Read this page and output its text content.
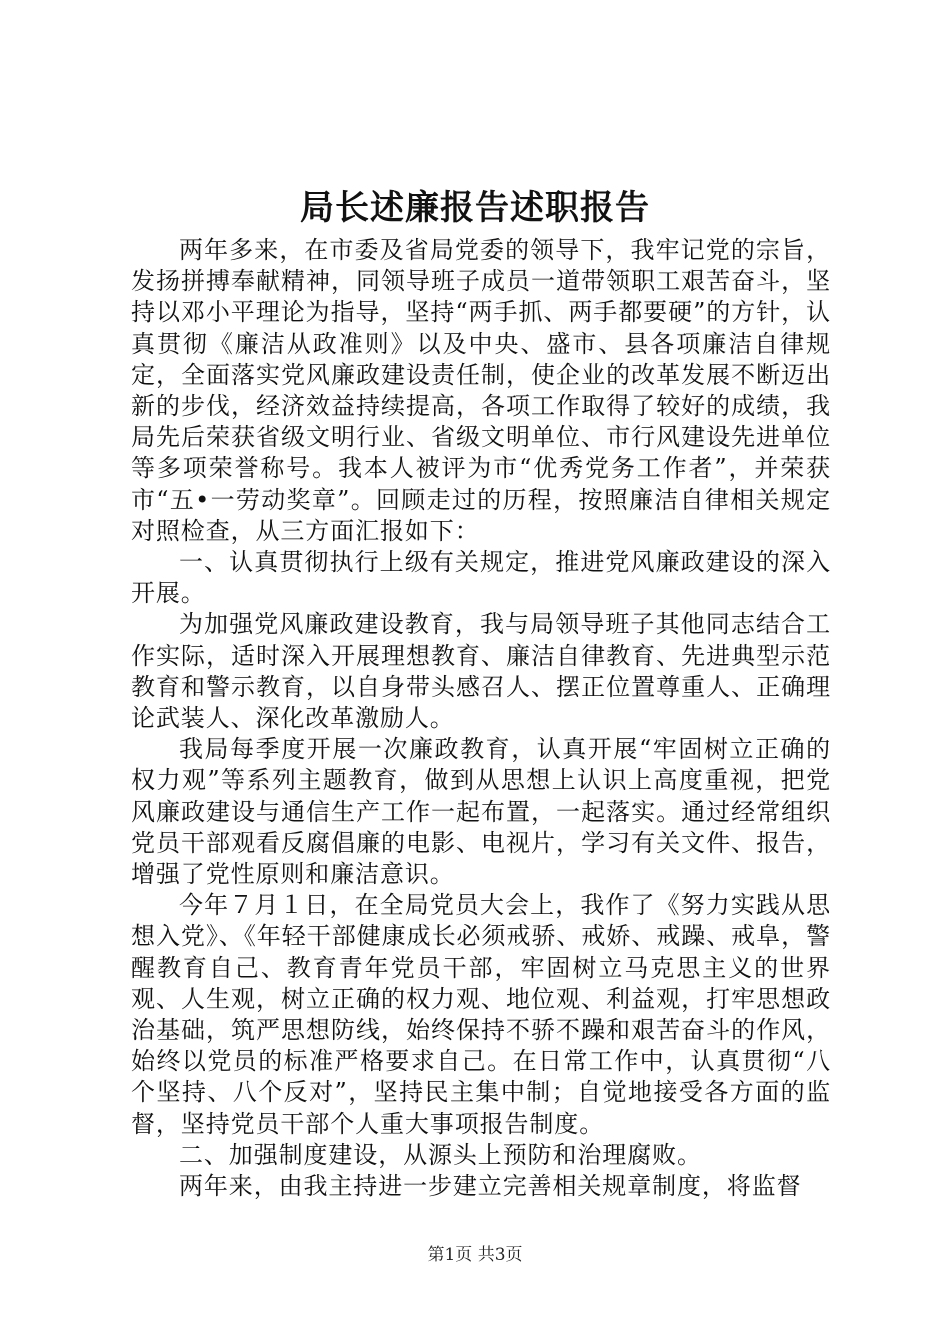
局长述廉报告述职报告

两年多来，在市委及省局党委的领导下，我牢记党的宗旨，发扬拼搏奉献精神，同领导班子成员一道带领职工艰苦奋斗，坚持以邓小平理论为指导，坚持“两手抓、两手都要硬”的方针，认真贯彻《廉洁从政准则》以及中央、盛市、县各项廉洁自律规定，全面落实党风廉政建设责任制，使企业的改革发展不断迈出新的步伐，经济效益持续提高，各项工作取得了较好的成绩，我局先后荣获省级文明行业、省级文明单位、市行风建设先进单位等多项荣誉称号。我本人被评为市“优秀党务工作者”，并荣获市“五•一劳动奖章”。回顾走过的历程，按照廉洁自律相关规定对照检查，从三方面汇报如下：

一、认真贯彻执行上级有关规定，推进党风廉政建设的深入开展。

为加强党风廉政建设教育，我与局领导班子其他同志结合工作实际，适时深入开展理想教育、廉洁自律教育、先进典型示范教育和警示教育，以自身带头感召人、摆正位置尊重人、正确理论武装人、深化改革激励人。

我局每季度开展一次廉政教育，认真开展“牢固树立正确的权力观”等系列主题教育，做到从思想上认识上高度重视，把党风廉政建设与通信生产工作一起布置，一起落实。通过经常组织党员干部观看反腐倡廉的电影、电视片，学习有关文件、报告，增强了党性原则和廉洁意识。

今年７月１日，在全局党员大会上，我作了《努力实践从思想入党》、《年轻干部健康成长必须戒骄、戒娇、戒躁、戒阜，警醒教育自己、教育青年党员干部，牢固树立马克思主义的世界观、人生观，树立正确的权力观、地位观、利益观，打牢思想政治基础，筑严思想防线，始终保持不骄不躁和艰苦奋斗的作风，始终以党员的标准严格要求自己。在日常工作中，认真贯彻“八个坚持、八个反对”，坚持民主集中制；自觉地接受各方面的监督，坚持党员干部个人重大事项报告制度。

二、加强制度建设，从源头上预防和治理腐败。

两年来，由我主持进一步建立完善相关规章制度，将监督

第1页 共3页
